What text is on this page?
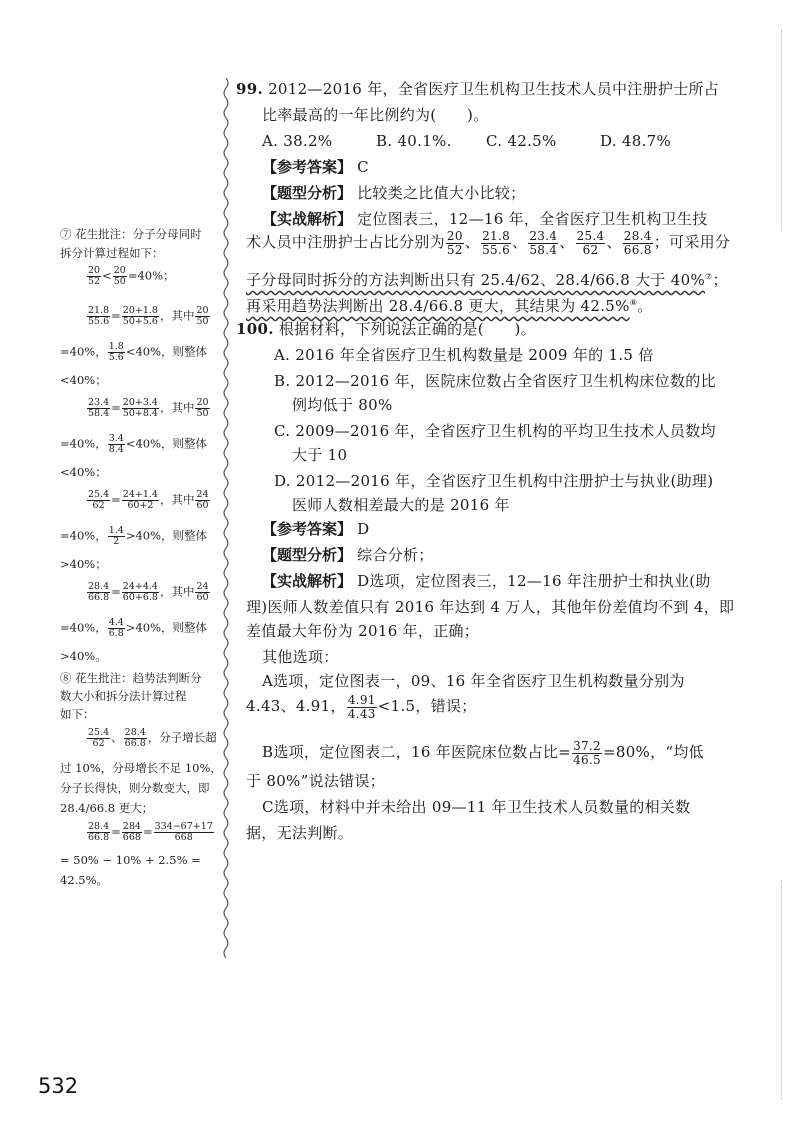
⑦ 花生批注：分子分母同时
拆分计算过程如下：
$\frac{20}{52} < \frac{20}{50} =40\%$；
$\frac{21.8}{55.6} = \frac{20+1.8}{50+5.6}$ ，其中 $\frac{20}{50}$
=40%， $\frac{1.8}{5.6} <40\%$，则整体
<40%；
$\frac{23.4}{58.4} = \frac{20+3.4}{50+8.4}$ ，其中 $\frac{20}{50}$
=40%， $\frac{3.4}{8.4} <40\%$，则整体
<40%；
$\frac{25.4}{62} = \frac{24+1.4}{60+2}$ ，其中 $\frac{24}{60}$
=40%， $\frac{1.4}{2} >40\%$，则整体
>40%；
$\frac{28.4}{66.8} = \frac{24+4.4}{60+6.8}$ ，其中 $\frac{24}{60}$
=40%， $\frac{4.4}{6.8} >40\%$，则整体
>40%。
⑧ 花生批注：趋势法判断分
数大小和拆分法计算过程
如下：
$\frac{25.4}{62}$ 、 $\frac{28.4}{66.8}$ ，分子增长超
过 10%，分母增长不足 10%，
分子长得快，则分数变大，即
28.4/66.8 更大；
$\frac{28.4}{66.8} = \frac{284}{668} = \frac{334-67+17}{668}$
= 50% − 10% + 2.5% =
42.5%。
99. 2012—2016 年，全省医疗卫生机构卫生技术人员中注册护士所占
比率最高的一年比例约为(　　)。
A. 38.2%	B. 40.1%. C. 42.5%	D. 48.7%
【参考答案】 C
【题型分析】 比较类之比值大小比较；
【实战解析】 定位图表三，12—16 年，全省医疗卫生机构卫生技
术人员中注册护士占比分别为 $\frac{20}{52}$ 、 $\frac{21.8}{55.6}$ 、 $\frac{23.4}{58.4}$ 、 $\frac{25.4}{62}$ 、 $\frac{28.4}{66.8}$ ；可采用分
子分母同时拆分的方法判断出只有 25.4/62、28.4/66.8 大于 40%⑦；
再采用趋势法判断出 28.4/66.8 更大，其结果为 42.5%⑧。
100. 根据材料，下列说法正确的是(　　)。
A. 2016 年全省医疗卫生机构数量是 2009 年的 1.5 倍
B. 2012—2016 年，医院床位数占全省医疗卫生机构床位数的比
例均低于 80%
C. 2009—2016 年，全省医疗卫生机构的平均卫生技术人员数均
大于 10
D. 2012—2016 年，全省医疗卫生机构中注册护士与执业(助理)
医师人数相差最大的是 2016 年
【参考答案】 D
【题型分析】 综合分析；
【实战解析】 D选项，定位图表三，12—16 年注册护士和执业(助
理)医师人数差值只有 2016 年达到 4 万人，其他年份差值均不到 4，即
差值最大年份为 2016 年，正确；
其他选项：
A选项，定位图表一，09、16 年全省医疗卫生机构数量分别为
4.43、4.91， $\frac{4.91}{4.43} <1.5$，错误；
B选项，定位图表二，16 年医院床位数占比= $\frac{37.2}{46.5} =80\%$，“均低
于 80%”说法错误；
C选项，材料中并未给出 09—11 年卫生技术人员数量的相关数
据，无法判断。
532
